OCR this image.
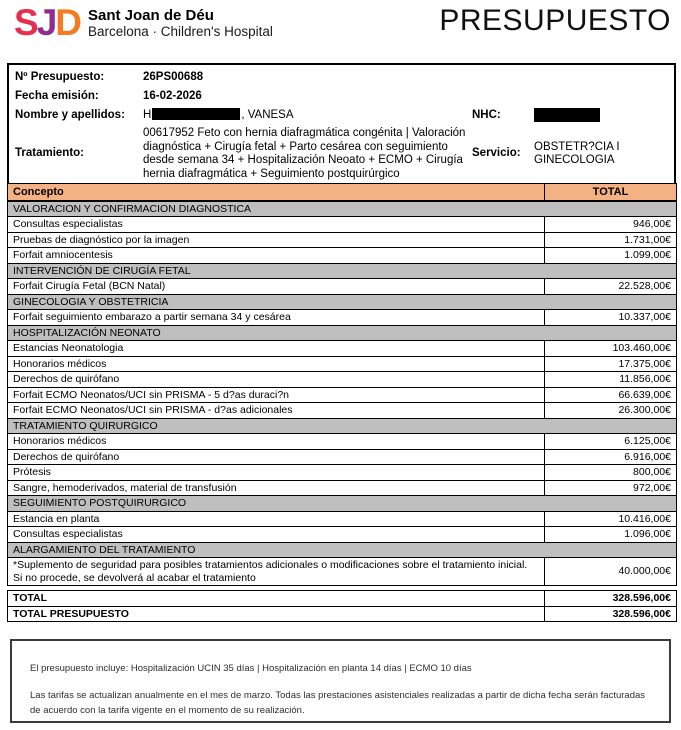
SJD Sant Joan de Déu
Barcelona · Children's Hospital	PRESUPUESTO
Nº Presupuesto:	26PS00688
Fecha emisión:	16-02-2026
Nombre y apellidos:	H	, VANESA	NHC:
Tratamiento:
00617952 Feto con hernia diafragmática congénita | Valoración diagnóstica + Cirugía fetal + Parto cesárea con seguimiento desde semana 34 + Hospitalización Neoato + ECMO + Cirugía hernia diafragmática + Seguimiento postquirúrgico
Servicio:
OBSTETR?CIA I GINECOLOGIA
Concepto	TOTAL
VALORACION Y CONFIRMACION DIAGNOSTICA	
Consultas especialistas	946,00€
Pruebas de diagnóstico por la imagen	1.731,00€
Forfait amniocentesis	1.099,00€
INTERVENCIÓN DE CIRUGÍA FETAL	
Forfait Cirugía Fetal (BCN Natal)	22.528,00€
GINECOLOGIA Y OBSTETRICIA	
Forfait seguimiento embarazo a partir semana 34 y cesárea	10.337,00€
HOSPITALIZACIÓN NEONATO	
Estancias Neonatologia	103.460,00€
Honorarios médicos	17.375,00€
Derechos de quirófano	11.856,00€
Forfait ECMO Neonatos/UCI sin PRISMA - 5 d?as duraci?n	66.639,00€
Forfait ECMO Neonatos/UCI sin PRISMA - d?as adicionales	26.300,00€
TRATAMIENTO QUIRURGICO	
Honorarios médicos	6.125,00€
Derechos de quirófano	6.916,00€
Prótesis	800,00€
Sangre, hemoderivados, material de transfusión	972,00€
SEGUIMIENTO POSTQUIRURGICO	
Estancia en planta	10.416,00€
Consultas especialistas	1.096,00€
ALARGAMIENTO DEL TRATAMIENTO	
*Suplemento de seguridad para posibles tratamientos adicionales o modificaciones sobre el tratamiento inicial. Si no procede, se devolverá al acabar el tratamiento	40.000,00€
TOTAL	328.596,00€
TOTAL PRESUPUESTO	328.596,00€
El presupuesto incluye: Hospitalización UCIN 35 días | Hospitalización en planta 14 días | ECMO 10 días
Las tarifas se actualizan anualmente en el mes de marzo. Todas las prestaciones asistenciales realizadas a partir de dicha fecha serán facturadas de acuerdo con la tarifa vigente en el momento de su realización.
